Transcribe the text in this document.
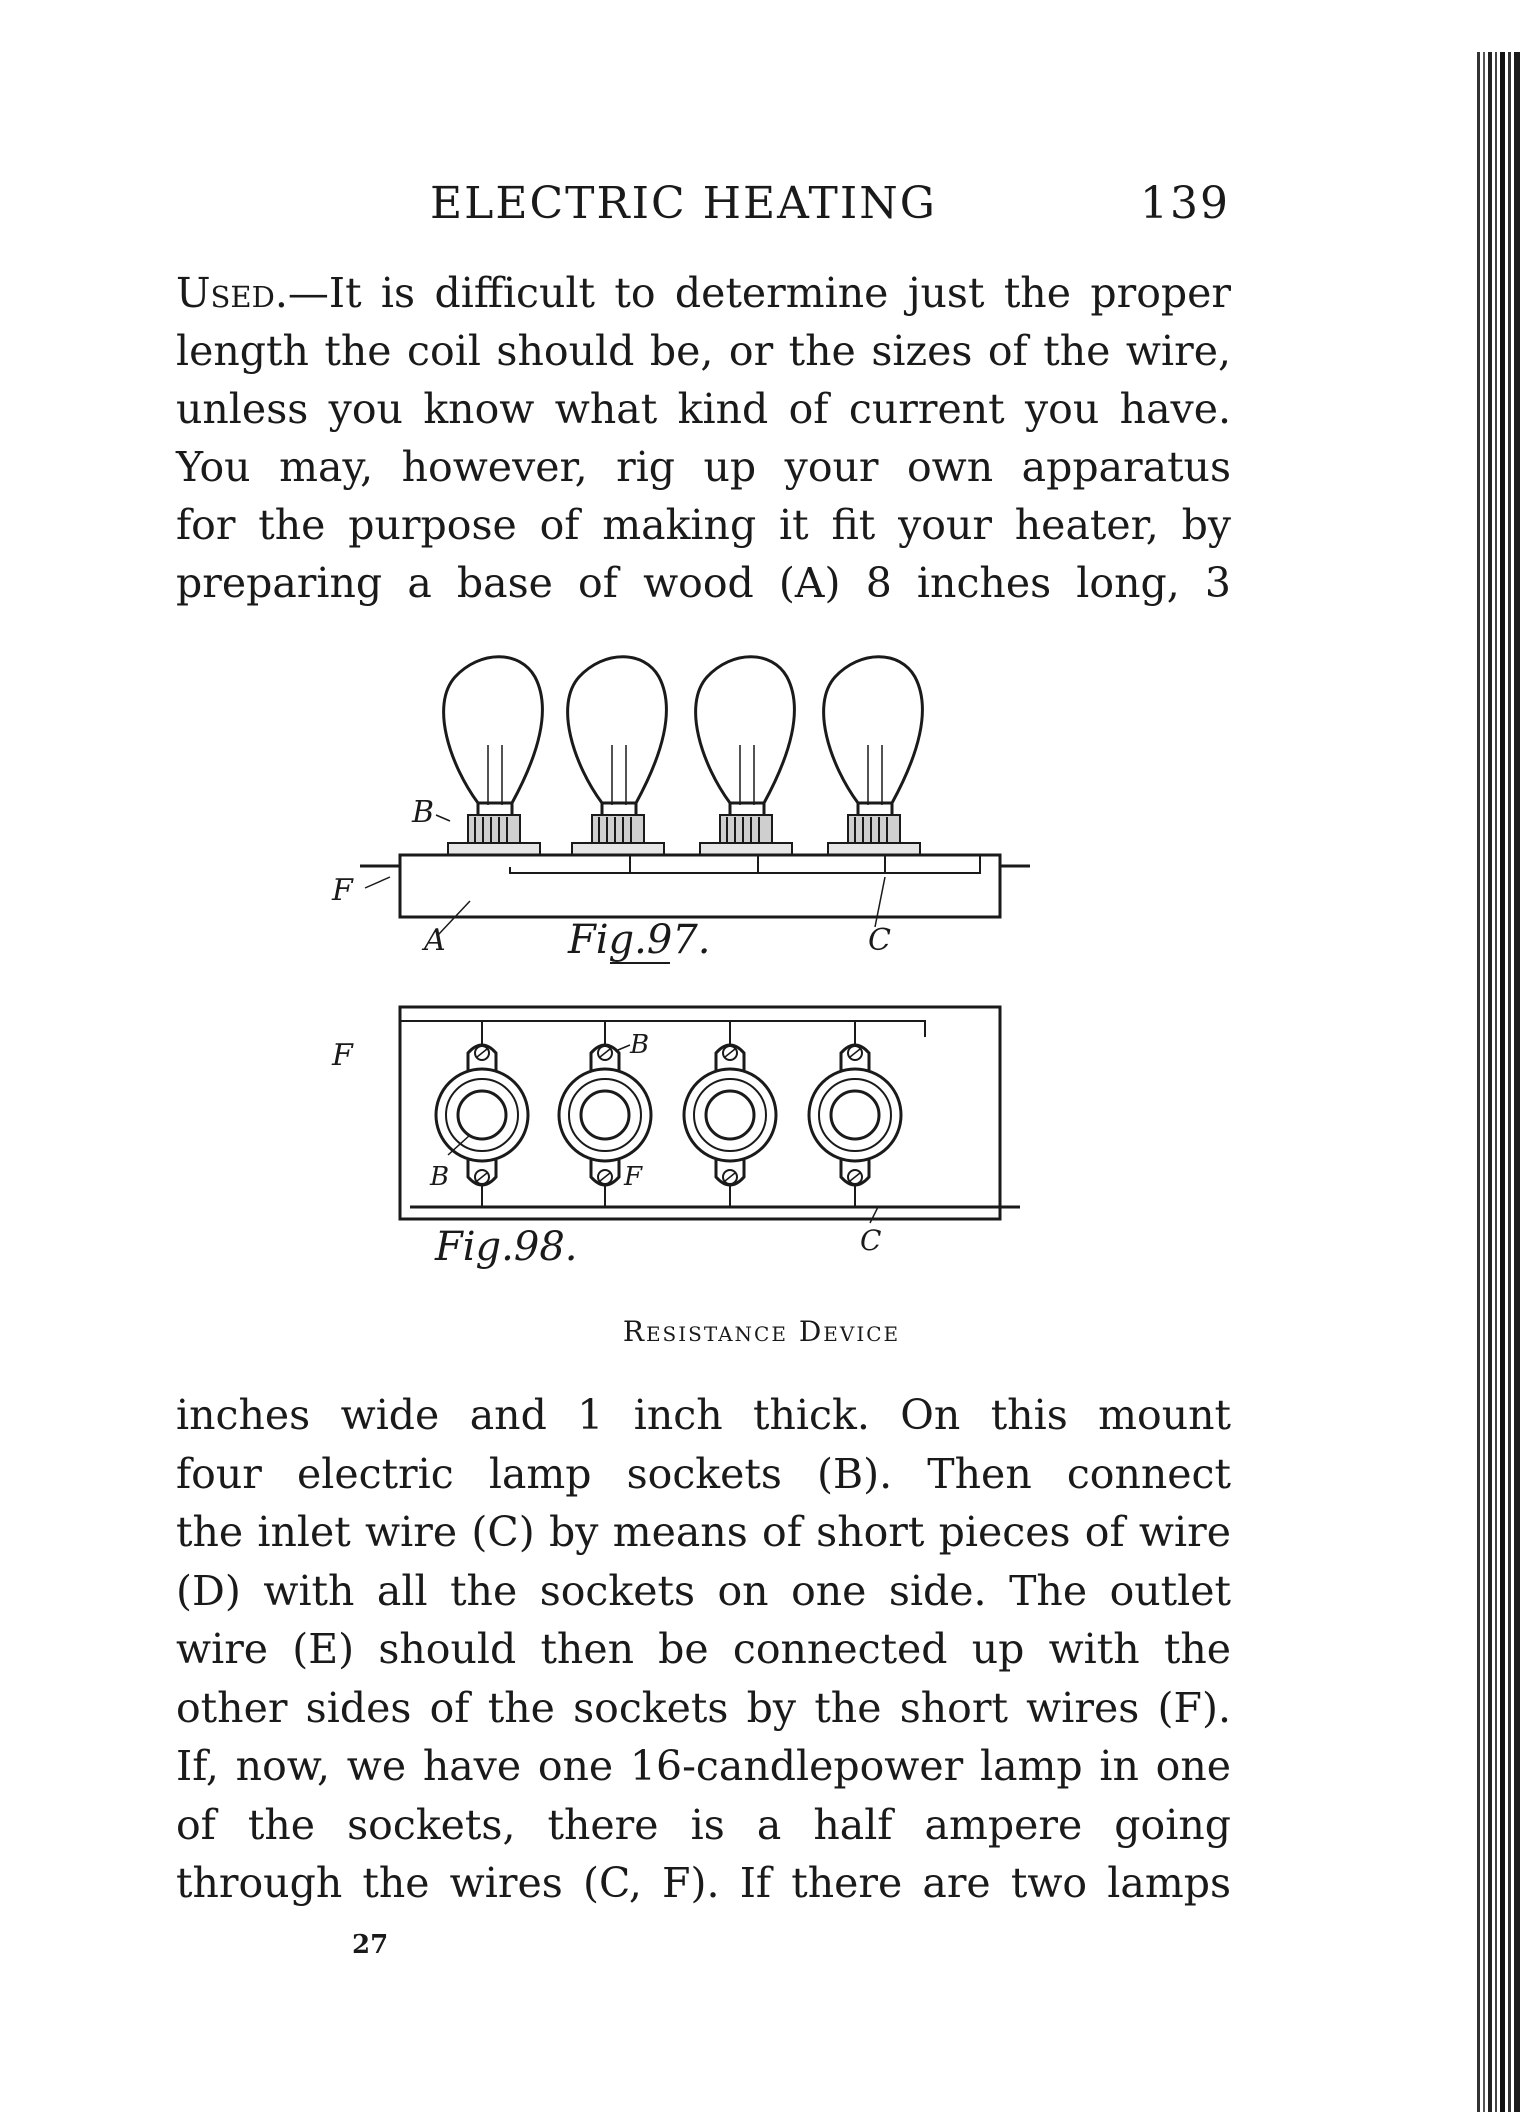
ELECTRIC HEATING	139
Used.—It is difficult to determine just the proper
length the coil should be, or the sizes of the wire,
unless you know what kind of current you have.
You may, however, rig up your own apparatus
for the purpose of making it fit your heater, by
preparing a base of wood (A) 8 inches long, 3
B
F
A	C
Fig.97.
F	B
B	F
C
Fig.98.
Resistance Device
inches wide and 1 inch thick. On this mount
four electric lamp sockets (B). Then connect
the inlet wire (C) by means of short pieces of wire
(D) with all the sockets on one side. The outlet
wire (E) should then be connected up with the
other sides of the sockets by the short wires (F).
If, now, we have one 16-candlepower lamp in one
of the sockets, there is a half ampere going
through the wires (C, F). If there are two lamps
27
